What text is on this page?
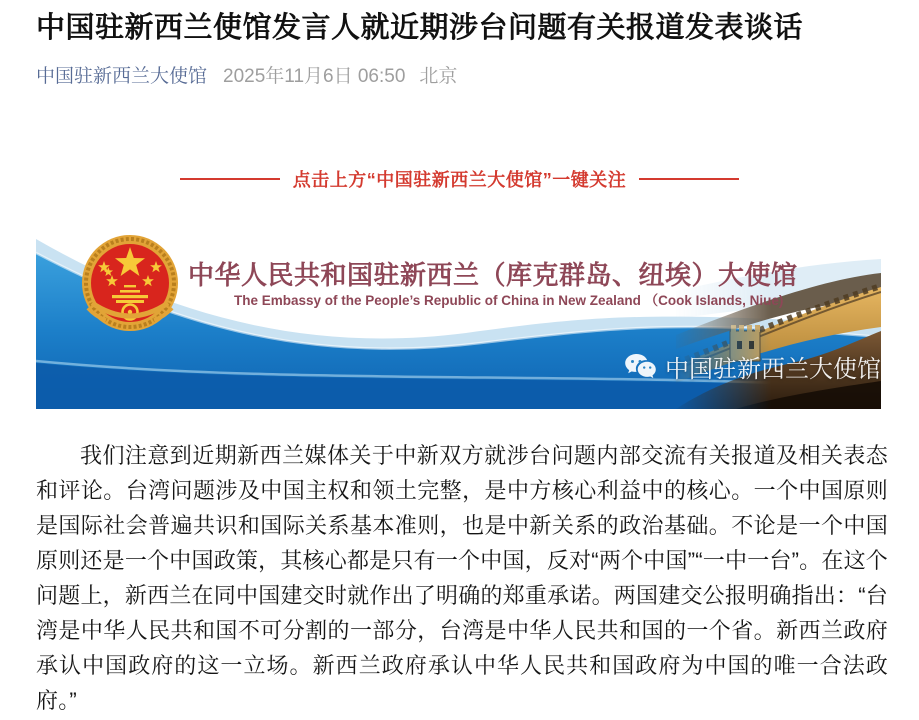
中国驻新西兰使馆发言人就近期涉台问题有关报道发表谈话
中国驻新西兰大使馆 2025年11月6日 06:50 北京
点击上方“中国驻新西兰大使馆”一键关注
中华人民共和国驻新西兰（库克群岛、纽埃）大使馆
The Embassy of the People’s Republic of China in New Zealand （Cook Islands, Niue)
中国驻新西兰大使馆

我们注意到近期新西兰媒体关于中新双方就涉台问题内部交流有关报道及相关表态和评论。台湾问题涉及中国主权和领土完整，是中方核心利益中的核心。一个中国原则是国际社会普遍共识和国际关系基本准则，也是中新关系的政治基础。不论是一个中国原则还是一个中国政策，其核心都是只有一个中国，反对“两个中国”“一中一台”。在这个问题上，新西兰在同中国建交时就作出了明确的郑重承诺。两国建交公报明确指出：“台湾是中华人民共和国不可分割的一部分，台湾是中华人民共和国的一个省。新西兰政府承认中国政府的这一立场。新西兰政府承认中华人民共和国政府为中国的唯一合法政府。”
